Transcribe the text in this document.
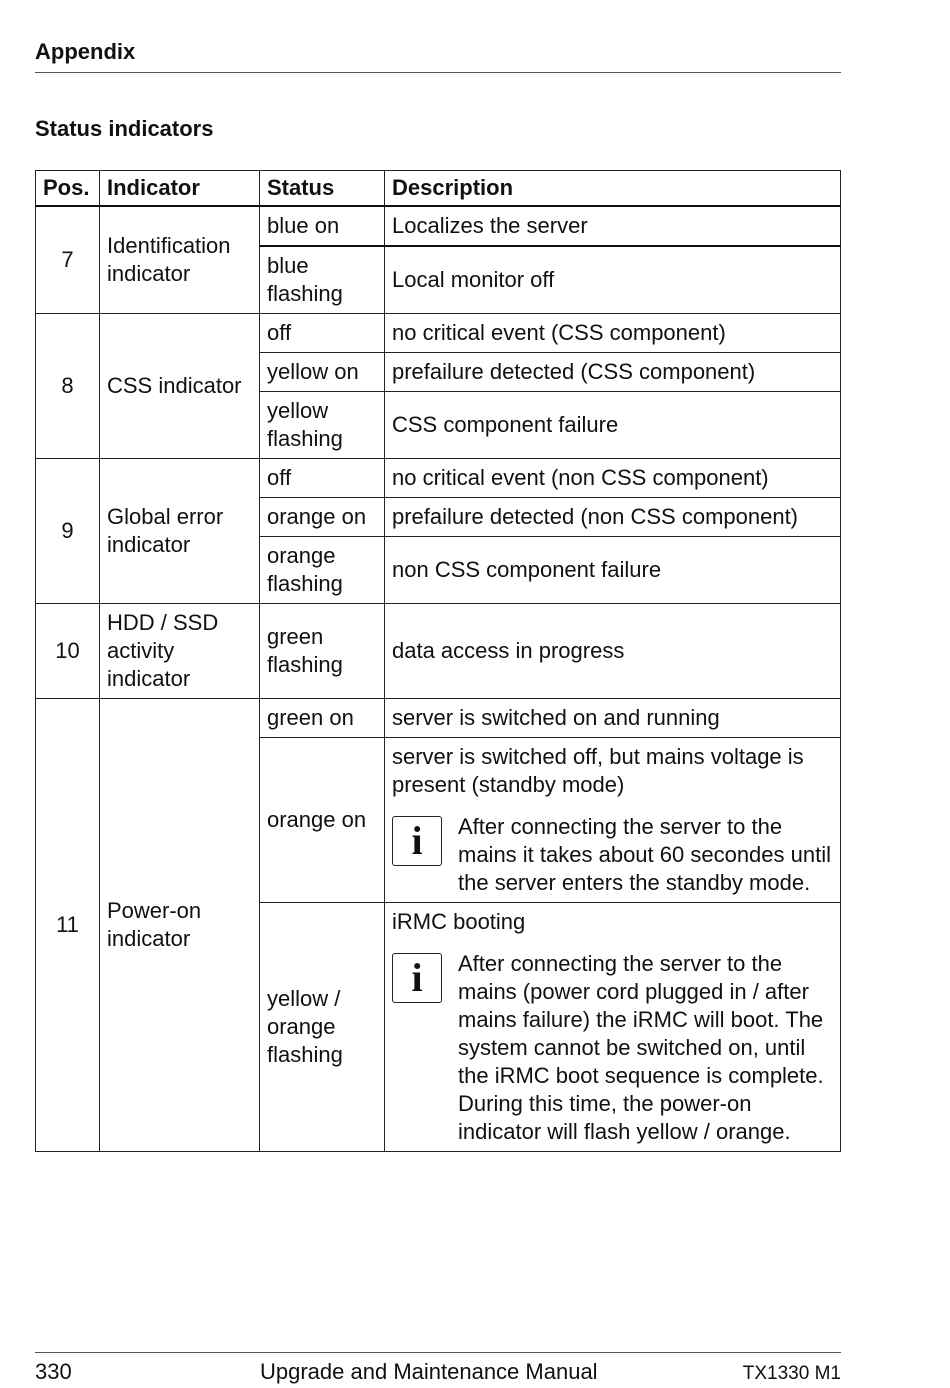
Appendix
Status indicators
Pos.	Indicator	Status	Description
7	Identification indicator	blue on	Localizes the server
		blue flashing	Local monitor off
8	CSS indicator	off	no critical event (CSS component)
		yellow on	prefailure detected (CSS component)
		yellow flashing	CSS component failure
9	Global error indicator	off	no critical event (non CSS component)
		orange on	prefailure detected (non CSS component)
		orange flashing	non CSS component failure
10	HDD / SSD activity indicator	green flashing	data access in progress
11	Power-on indicator	green on	server is switched on and running
		orange on	server is switched off, but mains voltage is present (standby mode)
i After connecting the server to the mains it takes about 60 secondes until the server enters the standby mode.

		yellow / orange flashing	iRMC booting
i After connecting the server to the mains (power cord plugged in / after mains failure) the iRMC will boot. The system cannot be switched on, until the iRMC boot sequence is complete. During this time, the power-on indicator will flash yellow / orange.
330	Upgrade and Maintenance Manual	TX1330 M1
